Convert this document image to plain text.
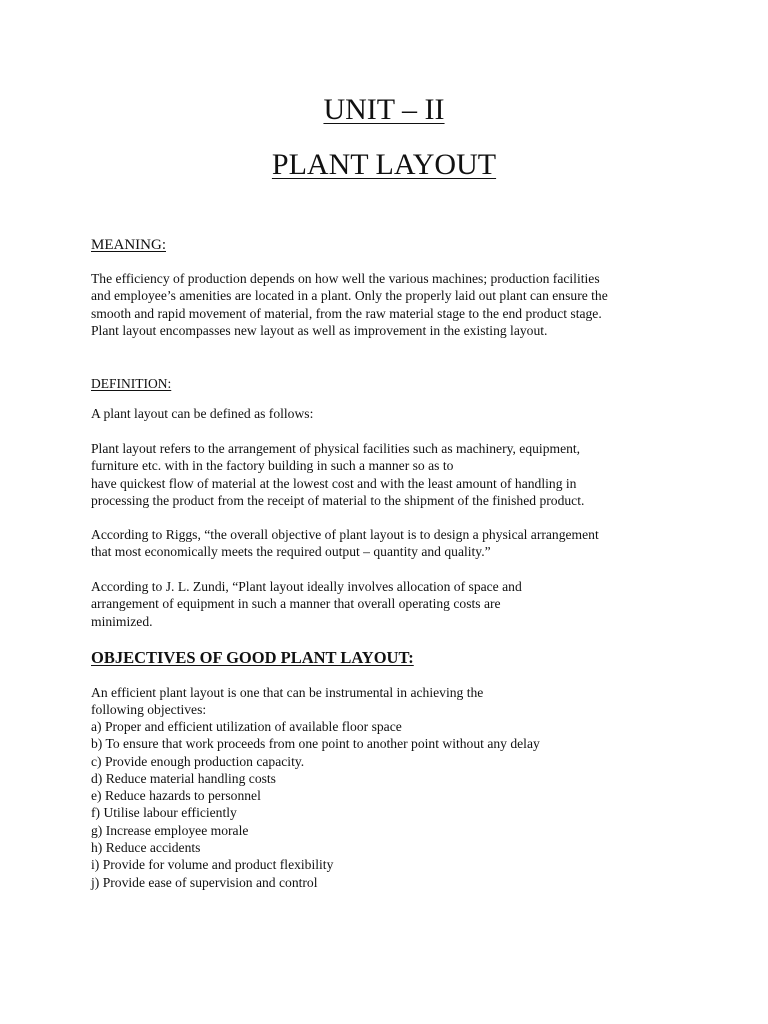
UNIT – II
PLANT LAYOUT
MEANING:
The efficiency of production depends on how well the various machines; production facilities
and employee’s amenities are located in a plant. Only the properly laid out plant can ensure the
smooth and rapid movement of material, from the raw material stage to the end product stage.
Plant layout encompasses new layout as well as improvement in the existing layout.
DEFINITION:
A plant layout can be defined as follows:
Plant layout refers to the arrangement of physical facilities such as machinery, equipment,
furniture etc. with in the factory building in such a manner so as to
have quickest flow of material at the lowest cost and with the least amount of handling in
processing the product from the receipt of material to the shipment of the finished product.
According to Riggs, “the overall objective of plant layout is to design a physical arrangement
that most economically meets the required output – quantity and quality.”
According to J. L. Zundi, “Plant layout ideally involves allocation of space and
arrangement of equipment in such a manner that overall operating costs are
minimized.
OBJECTIVES OF GOOD PLANT LAYOUT:
An efficient plant layout is one that can be instrumental in achieving the
following objectives:
a) Proper and efficient utilization of available floor space
b) To ensure that work proceeds from one point to another point without any delay
c) Provide enough production capacity.
d) Reduce material handling costs
e) Reduce hazards to personnel
f) Utilise labour efficiently
g) Increase employee morale
h) Reduce accidents
i) Provide for volume and product flexibility
j) Provide ease of supervision and control
